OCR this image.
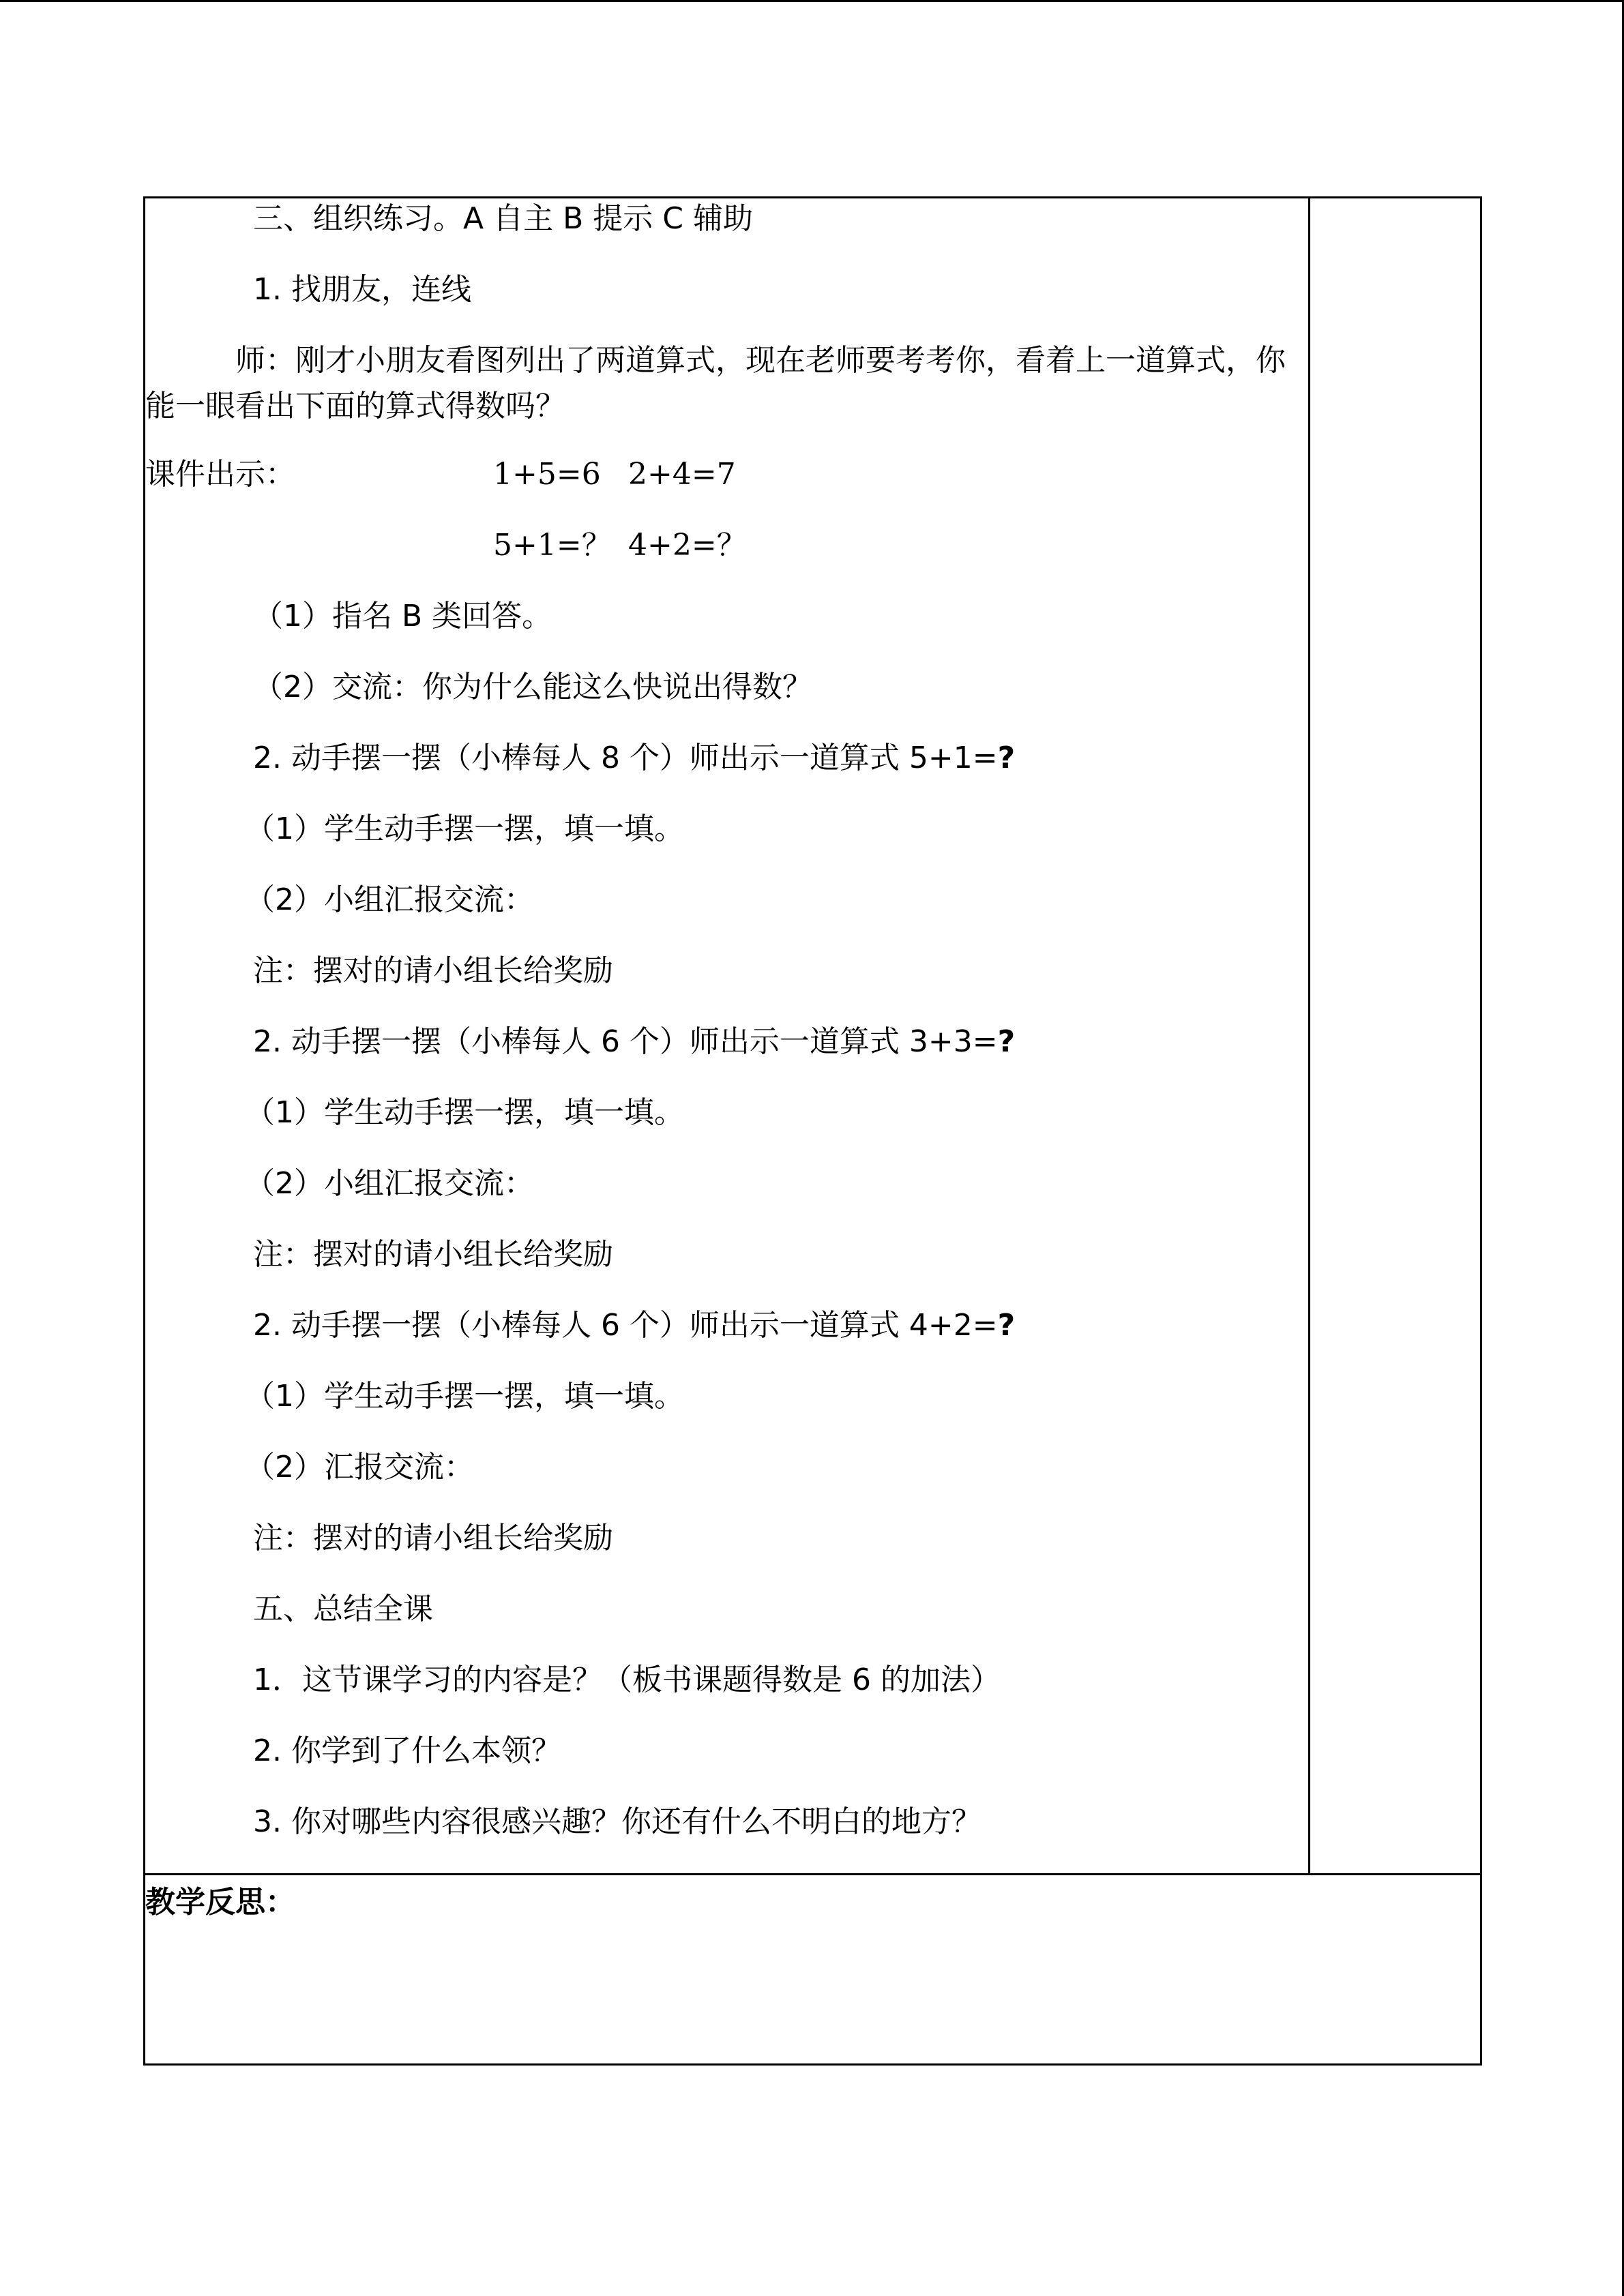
三、组织练习。A 自主 B 提示 C 辅助
1. 找朋友，连线
师：刚才小朋友看图列出了两道算式，现在老师要考考你，看着上一道算式，你
能一眼看出下面的算式得数吗？
课件出示：	1+5=6 2+4=7
5+1=？ 4+2=？
（1）指名 B 类回答。
（2）交流：你为什么能这么快说出得数？
2. 动手摆一摆（小棒每人 8 个）师出示一道算式 5+1=?
（1）学生动手摆一摆，填一填。
（2）小组汇报交流：
注：摆对的请小组长给奖励
2. 动手摆一摆（小棒每人 6 个）师出示一道算式 3+3=?
（1）学生动手摆一摆，填一填。
（2）小组汇报交流：
注：摆对的请小组长给奖励
2. 动手摆一摆（小棒每人 6 个）师出示一道算式 4+2=?
（1）学生动手摆一摆，填一填。
（2）汇报交流：
注：摆对的请小组长给奖励
五、总结全课
1．这节课学习的内容是？（板书课题得数是 6 的加法）
2. 你学到了什么本领？
3. 你对哪些内容很感兴趣？你还有什么不明白的地方？

教学反思：
